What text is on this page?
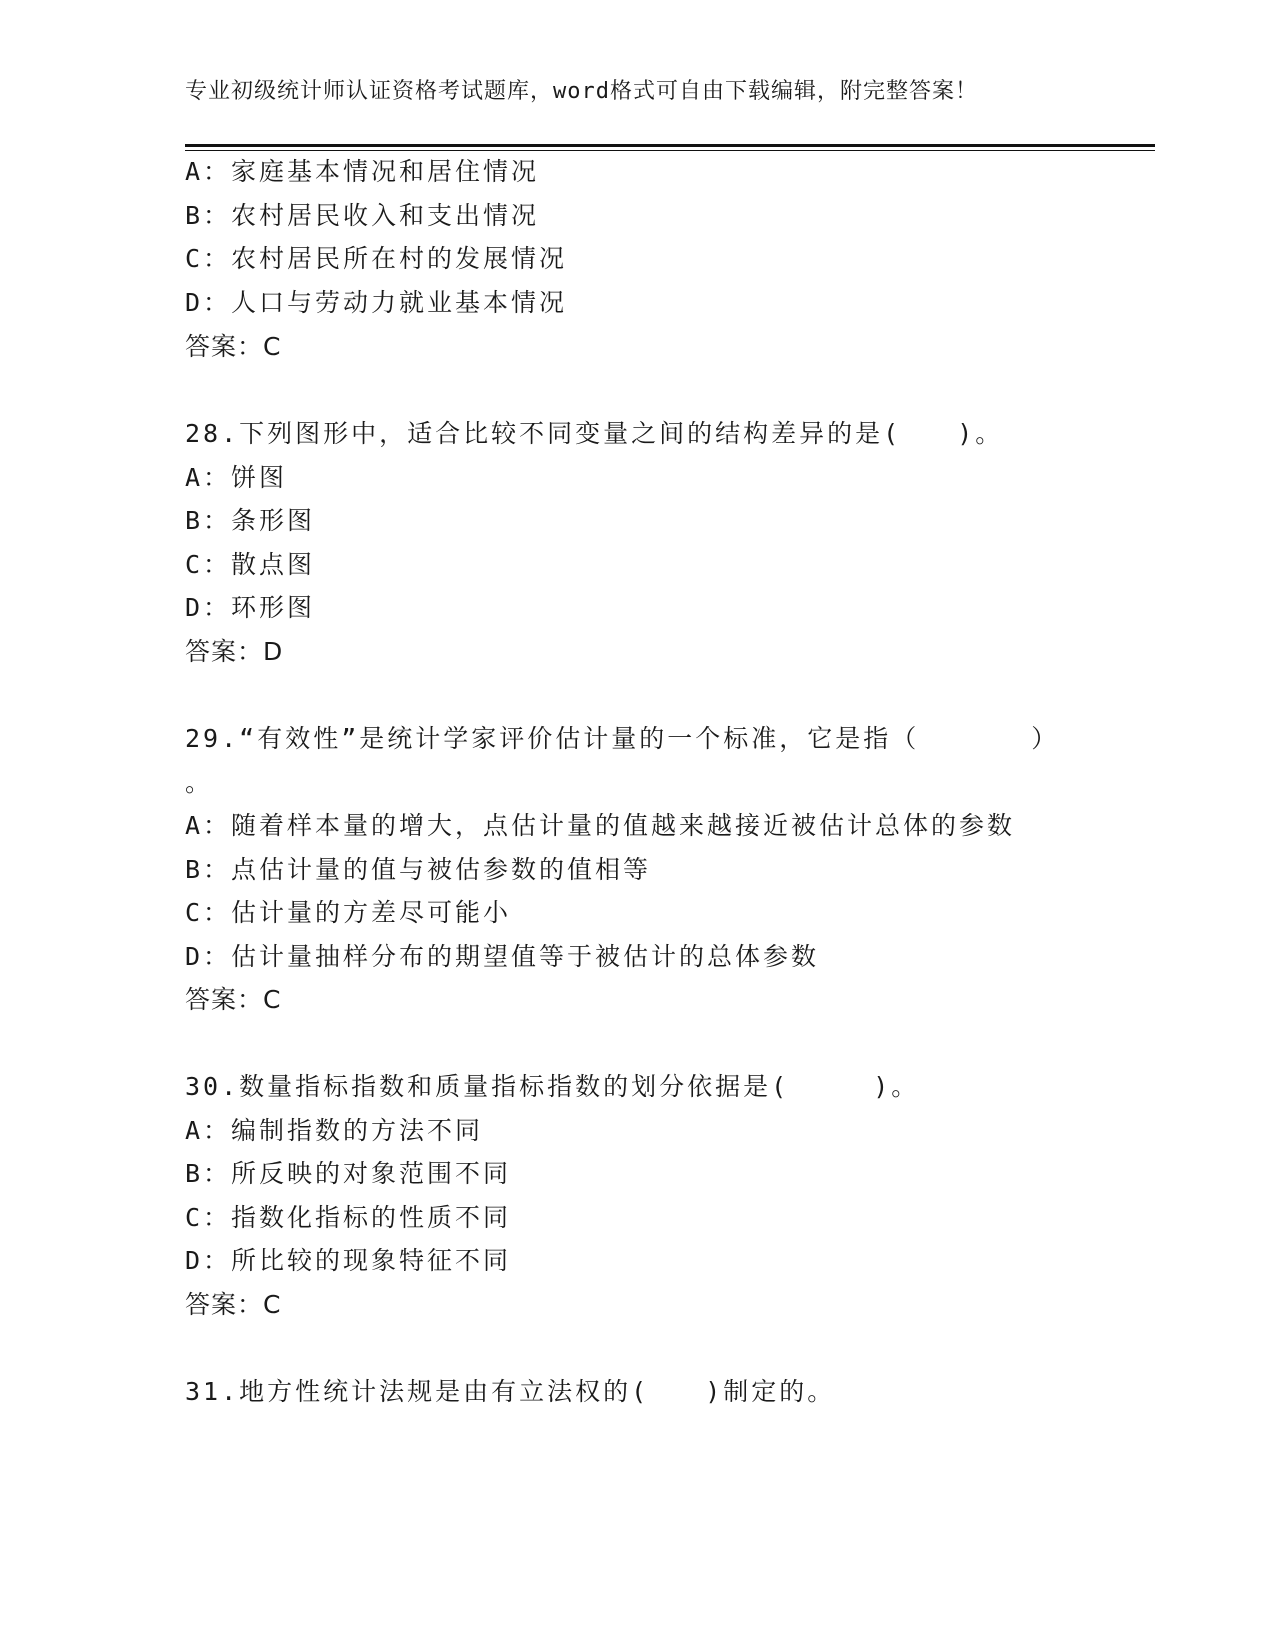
专业初级统计师认证资格考试题库，word格式可自由下载编辑，附完整答案！
A：家庭基本情况和居住情况
B：农村居民收入和支出情况
C：农村居民所在村的发展情况
D：人口与劳动力就业基本情况
答案：C
28.下列图形中，适合比较不同变量之间的结构差异的是(　　)。
A：饼图
B：条形图
C：散点图
D：环形图
答案：D
29.“有效性”是统计学家评价估计量的一个标准，它是指（　　　　）
。
A：随着样本量的增大，点估计量的值越来越接近被估计总体的参数
B：点估计量的值与被估参数的值相等
C：估计量的方差尽可能小
D：估计量抽样分布的期望值等于被估计的总体参数
答案：C
30.数量指标指数和质量指标指数的划分依据是(　　　)。
A：编制指数的方法不同
B：所反映的对象范围不同
C：指数化指标的性质不同
D：所比较的现象特征不同
答案：C
31.地方性统计法规是由有立法权的(　　)制定的。
